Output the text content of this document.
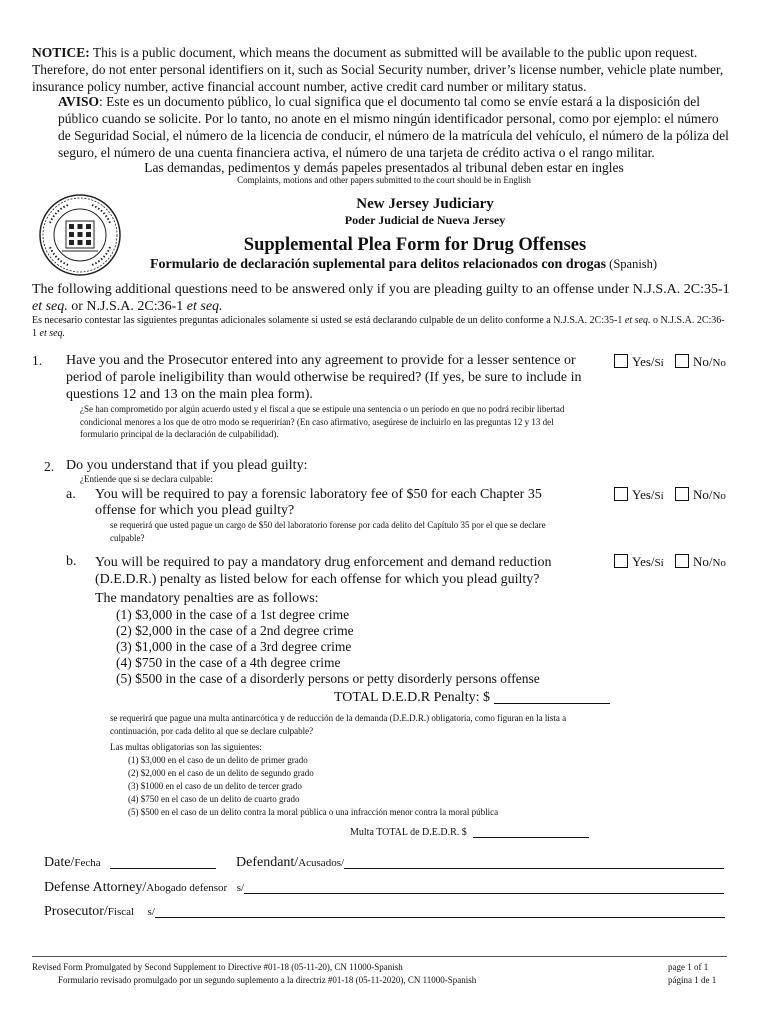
NOTICE: This is a public document, which means the document as submitted will be available to the public upon request. Therefore, do not enter personal identifiers on it, such as Social Security number, driver’s license number, vehicle plate number, insurance policy number, active financial account number, active credit card number or military status.
AVISO: Este es un documento público, lo cual significa que el documento tal como se envíe estará a la disposición del público cuando se solicite. Por lo tanto, no anote en el mismo ningún identificador personal, como por ejemplo: el número de Seguridad Social, el número de la licencia de conducir, el número de la matrícula del vehículo, el número de la póliza del seguro, el número de una cuenta financiera activa, el número de una tarjeta de crédito activa o el rango militar.
Las demandas, pedimentos y demás papeles presentados al tribunal deben estar en ingles
Complaints, motions and other papers submitted to the court should be in English
New Jersey Judiciary
Poder Judicial de Nueva Jersey
Supplemental Plea Form for Drug Offenses
Formulario de declaración suplemental para delitos relacionados con drogas (Spanish)
The following additional questions need to be answered only if you are pleading guilty to an offense under N.J.S.A. 2C:35-1 et seq. or N.J.S.A. 2C:36-1 et seq.
Es necesario contestar las siguientes preguntas adicionales solamente si usted se está declarando culpable de un delito conforme a N.J.S.A. 2C:35-1 et seq. o N.J.S.A. 2C:36-1 et seq.
1. Have you and the Prosecutor entered into any agreement to provide for a lesser sentence or period of parole ineligibility than would otherwise be required? (If yes, be sure to include in questions 12 and 13 on the main plea form).
¿Se han comprometido por algún acuerdo usted y el fiscal a que se estipule una sentencia o un período en que no podrá recibir libertad condicional menores a los que de otro modo se requerirían? (En caso afirmativo, asegúrese de incluirlo en las preguntas 12 y 13 del formulario principal de la declaración de culpabilidad).
Yes/Sí No/No
2. Do you understand that if you plead guilty:
¿Entiende que si se declara culpable:
a. You will be required to pay a forensic laboratory fee of $50 for each Chapter 35 offense for which you plead guilty?
se requerirá que usted pague un cargo de $50 del laboratorio forense por cada delito del Capítulo 35 por el que se declare culpable?
Yes/Sí No/No
b. You will be required to pay a mandatory drug enforcement and demand reduction (D.E.D.R.) penalty as listed below for each offense for which you plead guilty?
Yes/Sí No/No
The mandatory penalties are as follows:
(1) $3,000 in the case of a 1st degree crime
(2) $2,000 in the case of a 2nd degree crime
(3) $1,000 in the case of a 3rd degree crime
(4) $750 in the case of a 4th degree crime
(5) $500 in the case of a disorderly persons or petty disorderly persons offense
TOTAL D.E.D.R Penalty: $
se requerirá que pague una multa antinarcótica y de reducción de la demanda (D.E.D.R.) obligatoria, como figuran en la lista a continuación, por cada delito al que se declare culpable?
Las multas obligatorias son las siguientes:
(1) $3,000 en el caso de un delito de primer grado
(2) $2,000 en el caso de un delito de segundo grado
(3) $1000 en el caso de un delito de tercer grado
(4) $750 en el caso de un delito de cuarto grado
(5) $500 en el caso de un delito contra la moral pública o una infracción menor contra la moral pública
Multa TOTAL de D.E.D.R. $
Date/Fecha	Defendant/Acusados/
Defense Attorney/Abogado defensor s/
Prosecutor/Fiscal s/
Revised Form Promulgated by Second Supplement to Directive #01-18 (05-11-20), CN 11000-Spanish
Formulario revisado promulgado por un segundo suplemento a la directriz #01-18 (05-11-2020), CN 11000-Spanish
page 1 of 1
página 1 de 1
